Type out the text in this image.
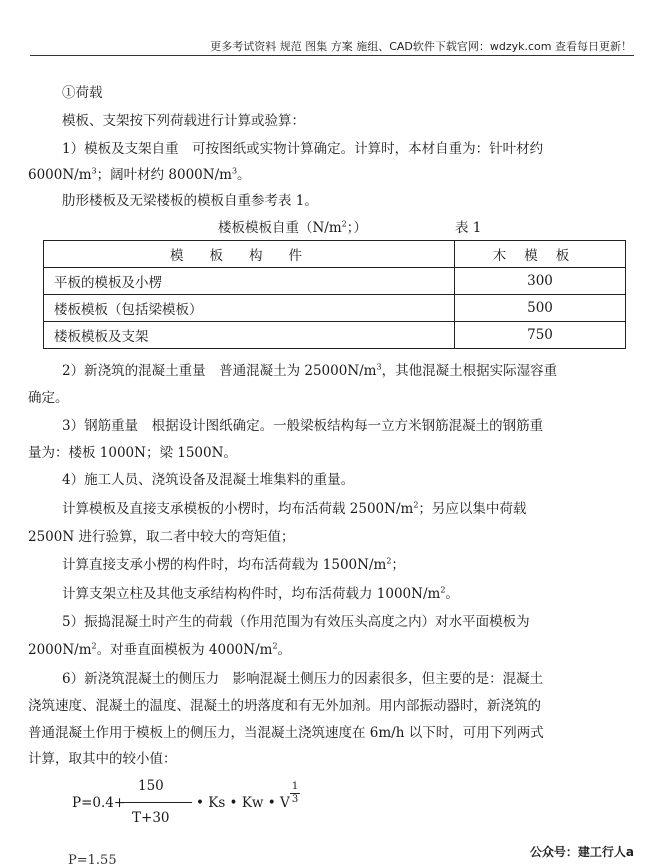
更多考试资料 规范 图集 方案 施组、CAD软件下载官网：wdzyk.com 查看每日更新！
①荷载
模板、支架按下列荷载进行计算或验算：
1）模板及支架自重　可按图纸或实物计算确定。计算时，本材自重为：针叶材约
$6000N/m^3$；阔叶材约 $8000N/m^3$。
肋形楼板及无梁楼板的模板自重参考表 1。
楼板模板自重（$N/m^2$；）	表 1
模板构件	木模板
平板的模板及小楞	300
楼板模板（包括梁模板）	500
楼板模板及支架	750
2）新浇筑的混凝土重量　普通混凝土为 $25000N/m^3$，其他混凝土根据实际湿容重
确定。
3）钢筋重量　根据设计图纸确定。一般梁板结构每一立方米钢筋混凝土的钢筋重
量为：楼板 1000N；梁 1500N。
4）施工人员、浇筑设备及混凝土堆集料的重量。
计算模板及直接支承模板的小楞时，均布活荷载 $2500N/m^2$；另应以集中荷载
2500N 进行验算，取二者中较大的弯矩值；
计算直接支承小楞的构件时，均布活荷载为 $1500N/m^2$；
计算支架立柱及其他支承结构构件时，均布活荷载力 $1000N/m^2$。
5）振捣混凝土时产生的荷载（作用范围为有效压头高度之内）对水平面模板为
$2000N/m^2$。对垂直面模板为 $4000N/m^2$。
6）新浇筑混凝土的侧压力　影响混凝土侧压力的因素很多，但主要的是：混凝土
浇筑速度、混凝土的温度、混凝土的坍落度和有无外加剂。用内部振动器时，新浇筑的
普通混凝土作用于模板上的侧压力，当混凝土浇筑速度在 6m/h 以下时，可用下列两式
计算，取其中的较小值：
P=0.4+
150
T+30
• Ks • Kw • V
1
3
P=1.55
公众号：建工行人a
